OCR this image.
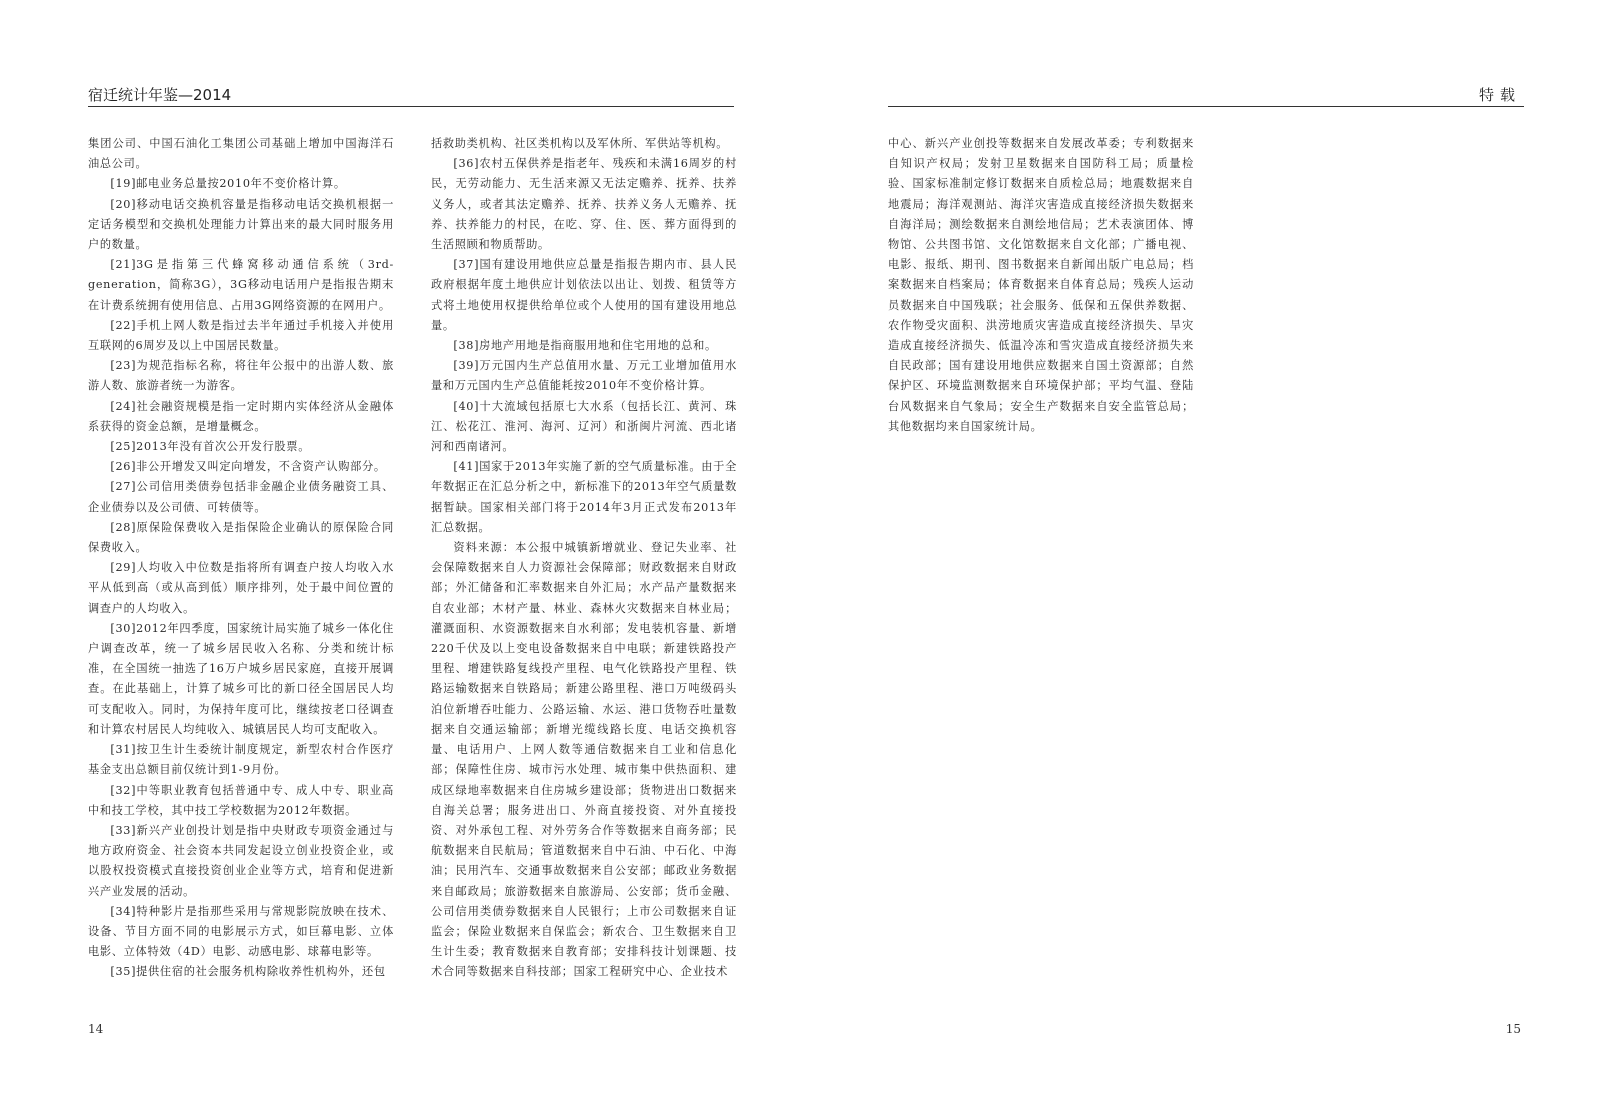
宿迁统计年鉴—2014

集团公司、中国石油化工集团公司基础上增加中国海洋石油总公司。

[19]邮电业务总量按2010年不变价格计算。

[20]移动电话交换机容量是指移动电话交换机根据一定话务模型和交换机处理能力计算出来的最大同时服务用户的数量。

[21]3G是指第三代蜂窝移动通信系统（3rd-generation，简称3G），3G移动电话用户是指报告期末在计费系统拥有使用信息、占用3G网络资源的在网用户。

[22]手机上网人数是指过去半年通过手机接入并使用互联网的6周岁及以上中国居民数量。

[23]为规范指标名称，将往年公报中的出游人数、旅游人数、旅游者统一为游客。

[24]社会融资规模是指一定时期内实体经济从金融体系获得的资金总额，是增量概念。

[25]2013年没有首次公开发行股票。

[26]非公开增发又叫定向增发，不含资产认购部分。

[27]公司信用类债券包括非金融企业债务融资工具、企业债券以及公司债、可转债等。

[28]原保险保费收入是指保险企业确认的原保险合同保费收入。

[29]人均收入中位数是指将所有调查户按人均收入水平从低到高（或从高到低）顺序排列，处于最中间位置的调查户的人均收入。

[30]2012年四季度，国家统计局实施了城乡一体化住户调查改革，统一了城乡居民收入名称、分类和统计标准，在全国统一抽选了16万户城乡居民家庭，直接开展调查。在此基础上，计算了城乡可比的新口径全国居民人均可支配收入。同时，为保持年度可比，继续按老口径调查和计算农村居民人均纯收入、城镇居民人均可支配收入。

[31]按卫生计生委统计制度规定，新型农村合作医疗基金支出总额目前仅统计到1-9月份。

[32]中等职业教育包括普通中专、成人中专、职业高中和技工学校，其中技工学校数据为2012年数据。

[33]新兴产业创投计划是指中央财政专项资金通过与地方政府资金、社会资本共同发起设立创业投资企业，或以股权投资模式直接投资创业企业等方式，培育和促进新兴产业发展的活动。

[34]特种影片是指那些采用与常规影院放映在技术、设备、节目方面不同的电影展示方式，如巨幕电影、立体电影、立体特效（4D）电影、动感电影、球幕电影等。

[35]提供住宿的社会服务机构除收养性机构外，还包

括救助类机构、社区类机构以及军休所、军供站等机构。

[36]农村五保供养是指老年、残疾和未满16周岁的村民，无劳动能力、无生活来源又无法定赡养、抚养、扶养义务人，或者其法定赡养、抚养、扶养义务人无赡养、抚养、扶养能力的村民，在吃、穿、住、医、葬方面得到的生活照顾和物质帮助。

[37]国有建设用地供应总量是指报告期内市、县人民政府根据年度土地供应计划依法以出让、划拨、租赁等方式将土地使用权提供给单位或个人使用的国有建设用地总量。

[38]房地产用地是指商服用地和住宅用地的总和。

[39]万元国内生产总值用水量、万元工业增加值用水量和万元国内生产总值能耗按2010年不变价格计算。

[40]十大流域包括原七大水系（包括长江、黄河、珠江、松花江、淮河、海河、辽河）和浙闽片河流、西北诸河和西南诸河。

[41]国家于2013年实施了新的空气质量标准。由于全年数据正在汇总分析之中，新标准下的2013年空气质量数据暂缺。国家相关部门将于2014年3月正式发布2013年汇总数据。

资料来源：本公报中城镇新增就业、登记失业率、社会保障数据来自人力资源社会保障部；财政数据来自财政部；外汇储备和汇率数据来自外汇局；水产品产量数据来自农业部；木材产量、林业、森林火灾数据来自林业局；灌溉面积、水资源数据来自水利部；发电装机容量、新增220千伏及以上变电设备数据来自中电联；新建铁路投产里程、增建铁路复线投产里程、电气化铁路投产里程、铁路运输数据来自铁路局；新建公路里程、港口万吨级码头泊位新增吞吐能力、公路运输、水运、港口货物吞吐量数据来自交通运输部；新增光缆线路长度、电话交换机容量、电话用户、上网人数等通信数据来自工业和信息化部；保障性住房、城市污水处理、城市集中供热面积、建成区绿地率数据来自住房城乡建设部；货物进出口数据来自海关总署；服务进出口、外商直接投资、对外直接投资、对外承包工程、对外劳务合作等数据来自商务部；民航数据来自民航局；管道数据来自中石油、中石化、中海油；民用汽车、交通事故数据来自公安部；邮政业务数据来自邮政局；旅游数据来自旅游局、公安部；货币金融、公司信用类债券数据来自人民银行；上市公司数据来自证监会；保险业数据来自保监会；新农合、卫生数据来自卫生计生委；教育数据来自教育部；安排科技计划课题、技术合同等数据来自科技部；国家工程研究中心、企业技术

14
特载

中心、新兴产业创投等数据来自发展改革委；专利数据来自知识产权局；发射卫星数据来自国防科工局；质量检验、国家标准制定修订数据来自质检总局；地震数据来自地震局；海洋观测站、海洋灾害造成直接经济损失数据来自海洋局；测绘数据来自测绘地信局；艺术表演团体、博物馆、公共图书馆、文化馆数据来自文化部；广播电视、电影、报纸、期刊、图书数据来自新闻出版广电总局；档案数据来自档案局；体育数据来自体育总局；残疾人运动员数据来自中国残联；社会服务、低保和五保供养数据、农作物受灾面积、洪涝地质灾害造成直接经济损失、旱灾造成直接经济损失、低温冷冻和雪灾造成直接经济损失来自民政部；国有建设用地供应数据来自国土资源部；自然保护区、环境监测数据来自环境保护部；平均气温、登陆台风数据来自气象局；安全生产数据来自安全监管总局；其他数据均来自国家统计局。

15
